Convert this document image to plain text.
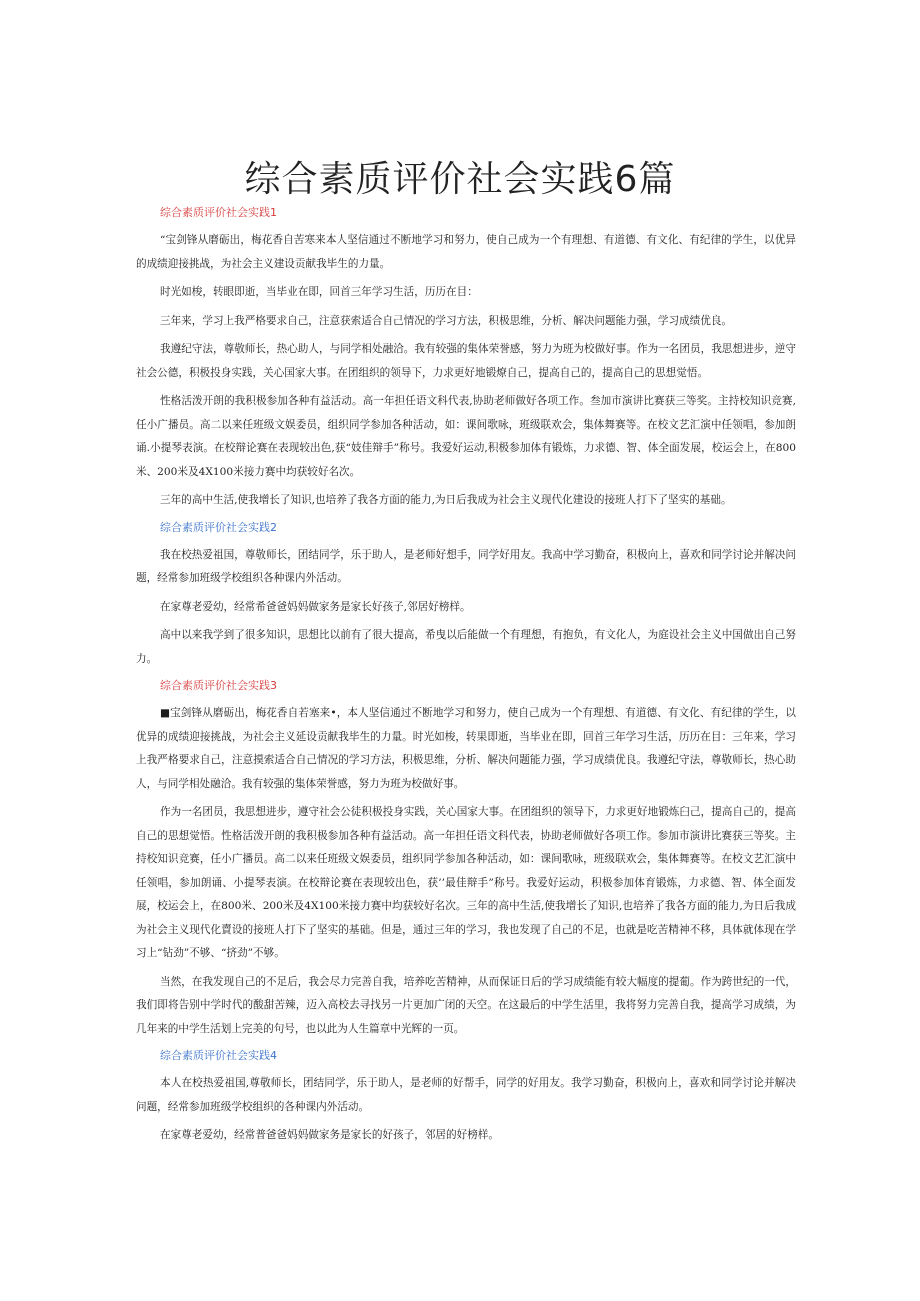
综合素质评价社会实践6篇
综合素质评价社会实践1

“宝剑锋从磨砺出，梅花香自苦寒来本人坚信通过不断地学习和努力，使自己成为一个有理想、有道德、有文化、有纪律的学生，以优异的成绩迎接挑战，为社会主义建设贡献我毕生的力量。

时光如梭，转眼即逝，当毕业在即，回首三年学习生活，历历在目：

三年来，学习上我严格要求自己，注意获索适合自己情况的学习方法，积极思维，分析、解决问题能力强，学习成绩优良。

我遵纪守法，尊敬师长，热心助人，与同学相处融洽。我有较强的集体荣誉感，努力为班为校做好事。作为一名团员，我思想进步，逆守社会公德，积极投身实践，关心国家大事。在团组织的领导下，力求更好地锻燎自己，提高自己的，提高自己的思想觉悟。

性格活泼开朗的我积极参加各种有益活动。高一年担任语文科代表,协助老师做好各项工作。叁加市演讲比赛获三等奖。主持校知识竞赛,任小广播员。高二以来任班级文娱委员，组织同学参加各种活动，如：课间歌咏，班级联欢会，集体舞赛等。在校文艺汇演中任领唱，参加朗诵.小提琴表演。在校辩论赛在表现较出色,获“妓佳辩手”称号。我爱好运动,积极参加体有锻炼，力求德、智、体全面发展，校运会上，在800米、200米及4X100米接力赛中均获较好名次。

三年的高中生活,使我增长了知识,也培养了我各方面的能力,为日后我成为社会主义现代化建设的接班人打下了坚实的基础。

综合素质评价社会实践2

我在校热爱祖国，尊敬师长，团结同学，乐于助人，是老师好想手，同学好用友。我高中学习勤奋，积极向上，喜欢和同学讨论并解决问题，经常参加班级学校组织各种课内外活动。

在家尊老爱幼，经常希爸爸妈妈做家务是家长好孩子,邻居好榜样。

高中以来我学到了很多知识，思想比以前有了很大提高，希曳以后能做一个有理想，有抱负，有文化人，为庭设社会主义中国做出自己努力。

综合素质评价社会实践3

■宝剑锋从磨砺出，梅花香自若塞来•，本人坚信通过不断地学习和努力，使自己成为一个有理想、有道德、有文化、有纪律的学生，以优异的成绩迎接挑战，为社会主义延设贡献我毕生的力量。时光如梭，转果即逝，当毕业在即，回首三年学习生活，历历在目：三年来，学习上我严格要求自己，注意摸索适合自己情况的学习方法，积极思维，分析、解决问题能力强，学习成绩优良。我遵纪守法，尊敬师长，热心助人，与同学相处融洽。我有较强的集体荣誉感，努力为班为校做好事。

作为一名团员，我思想进步，遵守社会公徒积极投身实践，关心国家大事。在团组织的领导下，力求更好地锻炼臼己，提高自己的，提高自己的思想觉悟。性格活泼开朗的我积极参加各种有益活动。高一年担任语文科代表，协助老师做好各项工作。参加市演讲比赛获三等奖。主持校知识竞赛，任小广播员。高二以来任班级文娱委员，组织同学参加各种活动，如：课间歌咏，班级联欢会，集体舞赛等。在校文艺汇演中任领唱，参加朗诵、小提琴表演。在校辩论赛在表现较出色，获’’最佳辩手”称号。我爱好运动，积极参加体育锻炼，力求德、智、体全面发展，校运会上，在800米、200米及4X100米接力赛中均获较好名次。三年的高中生活,使我增长了知识,也培养了我各方面的能力,为日后我成为社会主义现代化賣设的接班人打下了坚实的基础。但是，通过三年的学习，我也发现了自己的不足，也就是吃苦精神不移，具体就体现在学习上“钻劲”不够、“挤劲”不够。

当然，在我发现自己的不足后，我会尽力完善自我，培养吃苦精神，从而保证日后的学习成绩能有较大幅度的提葡。作为跨世纪的一代，我们即将告别中学时代的酸甜苦辣，迈入高校去寻找另一片更加广闭的天空。在这最后的中学生活里，我将努力完善自我，提高学习成绩，为几年来的中学生活划上完美的句号，也以此为人生篇章中光辉的一页。

综合素质评价社会实践4

本人在校热爱祖国,尊敬师长，团结同学，乐于助人，是老师的好帮手，同学的好用友。我学习勤奋，积极向上，喜欢和同学讨论并解决问题，经常参加班级学校组织的各种课内外活动。

在家尊老爱幼，经常普爸爸妈妈做家务是家长的好孩子，邻居的好榜样。
